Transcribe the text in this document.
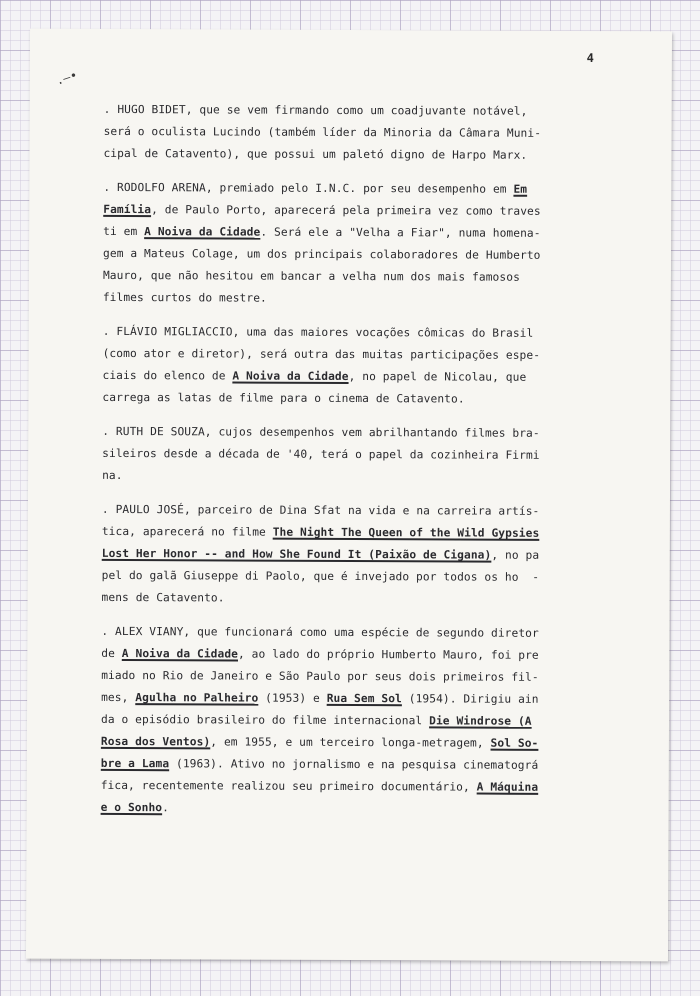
.—•
4
. HUGO BIDET, que se vem firmando como um coadjuvante notável,
será o oculista Lucindo (também líder da Minoria da Câmara Muni-
cipal de Catavento), que possui um paletó digno de Harpo Marx.
. RODOLFO ARENA, premiado pelo I.N.C. por seu desempenho em Em
Família, de Paulo Porto, aparecerá pela primeira vez como traves
ti em A Noiva da Cidade. Será ele a "Velha a Fiar", numa homena-
gem a Mateus Colage, um dos principais colaboradores de Humberto
Mauro, que não hesitou em bancar a velha num dos mais famosos
filmes curtos do mestre.
. FLÁVIO MIGLIACCIO, uma das maiores vocações cômicas do Brasil
(como ator e diretor), será outra das muitas participações espe-
ciais do elenco de A Noiva da Cidade, no papel de Nicolau, que
carrega as latas de filme para o cinema de Catavento.
. RUTH DE SOUZA, cujos desempenhos vem abrilhantando filmes bra-
sileiros desde a década de '40, terá o papel da cozinheira Firmi
na.
. PAULO JOSÉ, parceiro de Dina Sfat na vida e na carreira artís-
tica, aparecerá no filme The Night The Queen of the Wild Gypsies
Lost Her Honor -- and How She Found It (Paixão de Cigana), no pa
pel do galã Giuseppe di Paolo, que é invejado por todos os ho  -
mens de Catavento.
. ALEX VIANY, que funcionará como uma espécie de segundo diretor
de A Noiva da Cidade, ao lado do próprio Humberto Mauro, foi pre
miado no Rio de Janeiro e São Paulo por seus dois primeiros fil-
mes, Agulha no Palheiro (1953) e Rua Sem Sol (1954). Dirigiu ain
da o episódio brasileiro do filme internacional Die Windrose (A
Rosa dos Ventos), em 1955, e um terceiro longa-metragem, Sol So-
bre a Lama (1963). Ativo no jornalismo e na pesquisa cinematográ
fica, recentemente realizou seu primeiro documentário, A Máquina
e o Sonho.
